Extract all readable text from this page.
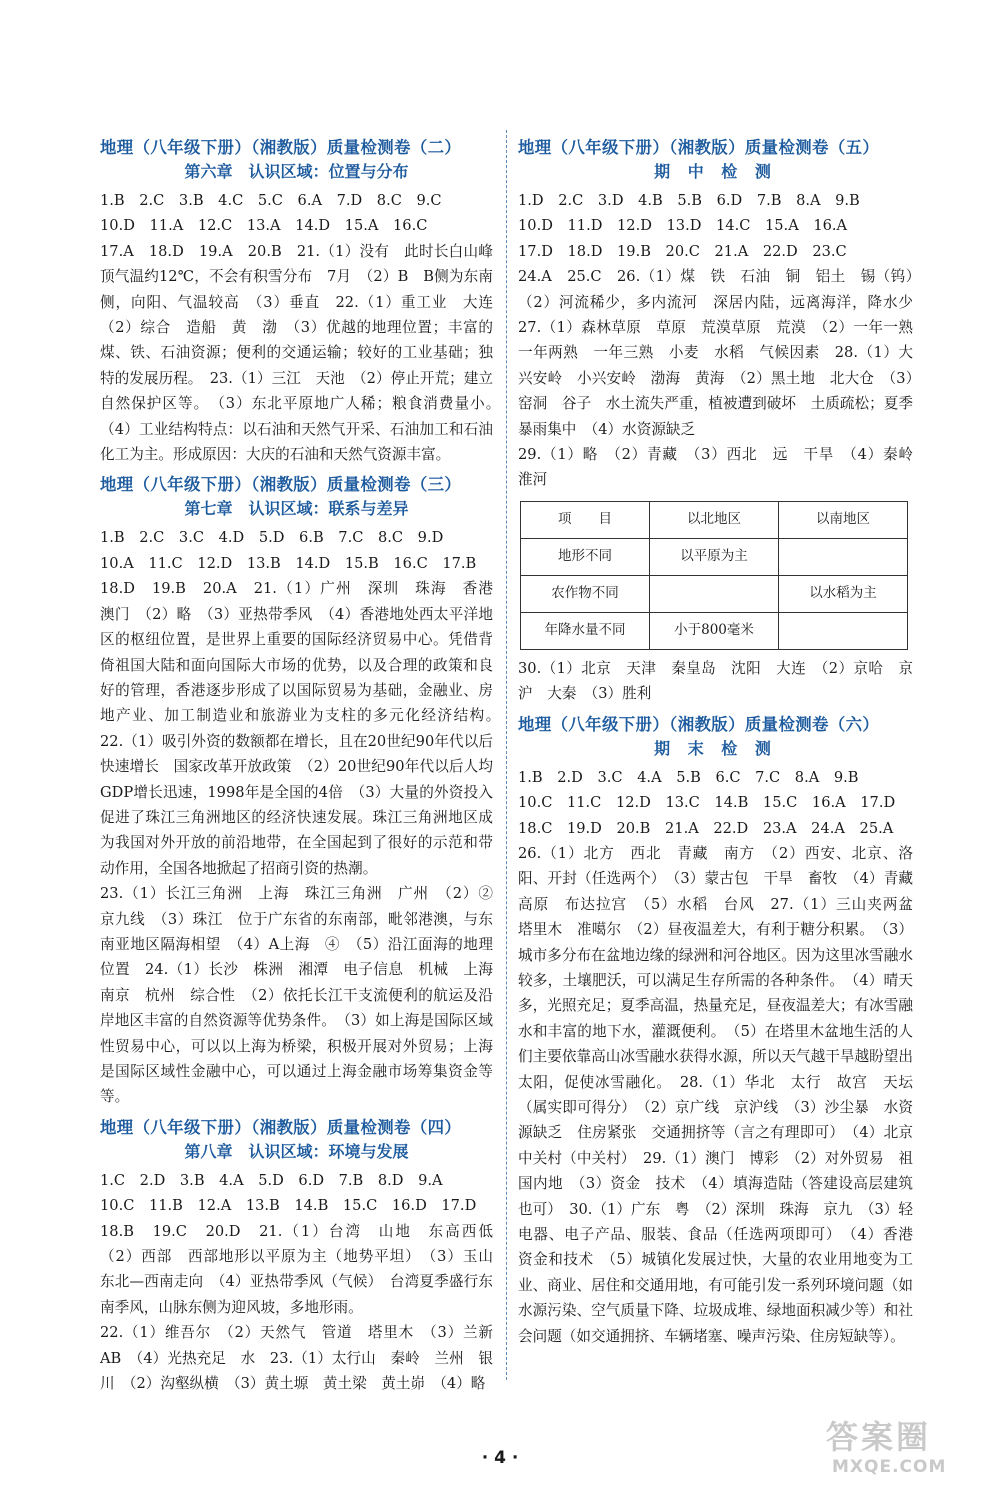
地理（八年级下册）（湘教版）质量检测卷（二）
第六章　认识区域：位置与分布

1.B　2.C　3.B　4.C　5.C　6.A　7.D　8.C　9.C

10.D　11.A　12.C　13.A　14.D　15.A　16.C

17.A　18.D　19.A　20.B　21.（1）没有　此时长白山峰顶气温约12℃，不会有积雪分布　7月　（2）B　B侧为东南侧，向阳、气温较高　（3）垂直　22.（1）重工业　大连　（2）综合　造船　黄　渤　（3）优越的地理位置；丰富的煤、铁、石油资源；便利的交通运输；较好的工业基础；独特的发展历程。　23.（1）三江　天池　（2）停止开荒；建立自然保护区等。　（3）东北平原地广人稀；粮食消费量小。　（4）工业结构特点：以石油和天然气开采、石油加工和石油化工为主。形成原因：大庆的石油和天然气资源丰富。

地理（八年级下册）（湘教版）质量检测卷（三）
第七章　认识区域：联系与差异

1.B　2.C　3.C　4.D　5.D　6.B　7.C　8.C　9.D

10.A　11.C　12.D　13.B　14.D　15.B　16.C　17.B

18.D　19.B　20.A　21.（1）广州　深圳　珠海　香港　澳门　（2）略　（3）亚热带季风　（4）香港地处西太平洋地区的枢纽位置，是世界上重要的国际经济贸易中心。凭借背倚祖国大陆和面向国际大市场的优势，以及合理的政策和良好的管理，香港逐步形成了以国际贸易为基础，金融业、房地产业、加工制造业和旅游业为支柱的多元化经济结构。　22.（1）吸引外资的数额都在增长，且在20世纪90年代以后快速增长　国家改革开放政策　（2）20世纪90年代以后人均GDP增长迅速，1998年是全国的4倍　（3）大量的外资投入促进了珠江三角洲地区的经济快速发展。珠江三角洲地区成为我国对外开放的前沿地带，在全国起到了很好的示范和带动作用，全国各地掀起了招商引资的热潮。

23.（1）长江三角洲　上海　珠江三角洲　广州　（2）②　京九线　（3）珠江　位于广东省的东南部，毗邻港澳，与东南亚地区隔海相望　（4）A上海　④　（5）沿江面海的地理位置　24.（1）长沙　株洲　湘潭　电子信息　机械　上海　南京　杭州　综合性　（2）依托长江干支流便利的航运及沿岸地区丰富的自然资源等优势条件。　（3）如上海是国际区域性贸易中心，可以以上海为桥梁，积极开展对外贸易；上海是国际区域性金融中心，可以通过上海金融市场筹集资金等等。

地理（八年级下册）（湘教版）质量检测卷（四）
第八章　认识区域：环境与发展

1.C　2.D　3.B　4.A　5.D　6.D　7.B　8.D　9.A

10.C　11.B　12.A　13.B　14.B　15.C　16.D　17.D

18.B　19.C　20.D　21.（1）台湾　山地　东高西低　（2）西部　西部地形以平原为主（地势平坦）　（3）玉山　东北—西南走向　（4）亚热带季风（气候）　台湾夏季盛行东南季风，山脉东侧为迎风坡，多地形雨。

22.（1）维吾尔　（2）天然气　管道　塔里木　（3）兰新　AB　（4）光热充足　水　23.（1）太行山　秦岭　兰州　银川　（2）沟壑纵横　（3）黄土塬　黄土梁　黄土峁　（4）略

地理（八年级下册）（湘教版）质量检测卷（五）
期 中 检 测

1.D　2.C　3.D　4.B　5.B　6.D　7.B　8.A　9.B

10.D　11.D　12.D　13.D　14.C　15.A　16.A

17.D　18.D　19.B　20.C　21.A　22.D　23.C

24.A　25.C　26.（1）煤　铁　石油　铜　铝土　锡（钨）　（2）河流稀少，多内流河　深居内陆，远离海洋，降水少　27.（1）森林草原　草原　荒漠草原　荒漠　（2）一年一熟　一年两熟　一年三熟　小麦　水稻　气候因素　28.（1）大兴安岭　小兴安岭　渤海　黄海　（2）黑土地　北大仓　（3）窑洞　谷子　水土流失严重，植被遭到破坏　土质疏松；夏季暴雨集中　（4）水资源缺乏

29.（1）略　（2）青藏　（3）西北　远　干旱　（4）秦岭　淮河

项　　目	以北地区	以南地区
地形不同	以平原为主	
农作物不同		以水稻为主
年降水量不同	小于800毫米	

30.（1）北京　天津　秦皇岛　沈阳　大连　（2）京哈　京沪　大秦　（3）胜利

地理（八年级下册）（湘教版）质量检测卷（六）
期 末 检 测

1.B　2.D　3.C　4.A　5.B　6.C　7.C　8.A　9.B

10.C　11.C　12.D　13.C　14.B　15.C　16.A　17.D

18.C　19.D　20.B　21.A　22.D　23.A　24.A　25.A

26.（1）北方　西北　青藏　南方　（2）西安、北京、洛阳、开封（任选两个）　（3）蒙古包　干旱　畜牧　（4）青藏高原　布达拉宫　（5）水稻　台风　27.（1）三山夹两盆　塔里木　准噶尔　（2）昼夜温差大，有利于糖分积累。　（3）城市多分布在盆地边缘的绿洲和河谷地区。因为这里冰雪融水较多，土壤肥沃，可以满足生存所需的各种条件。　（4）晴天多，光照充足；夏季高温，热量充足，昼夜温差大；有冰雪融水和丰富的地下水，灌溉便利。　（5）在塔里木盆地生活的人们主要依靠高山冰雪融水获得水源，所以天气越干旱越盼望出太阳，促使冰雪融化。　28.（1）华北　太行　故宫　天坛（属实即可得分）　（2）京广线　京沪线　（3）沙尘暴　水资源缺乏　住房紧张　交通拥挤等（言之有理即可）　（4）北京中关村（中关村）　29.（1）澳门　博彩　（2）对外贸易　祖国内地　（3）资金　技术　（4）填海造陆（答建设高层建筑也可）　30.（1）广东　粤　（2）深圳　珠海　京九　（3）轻　电器、电子产品、服装、食品（任选两项即可）　（4）香港　资金和技术　（5）城镇化发展过快，大量的农业用地变为工业、商业、居住和交通用地，有可能引发一系列环境问题（如水源污染、空气质量下降、垃圾成堆、绿地面积减少等）和社会问题（如交通拥挤、车辆堵塞、噪声污染、住房短缺等）。

· 4 ·
答案圈
MXQE.COM
